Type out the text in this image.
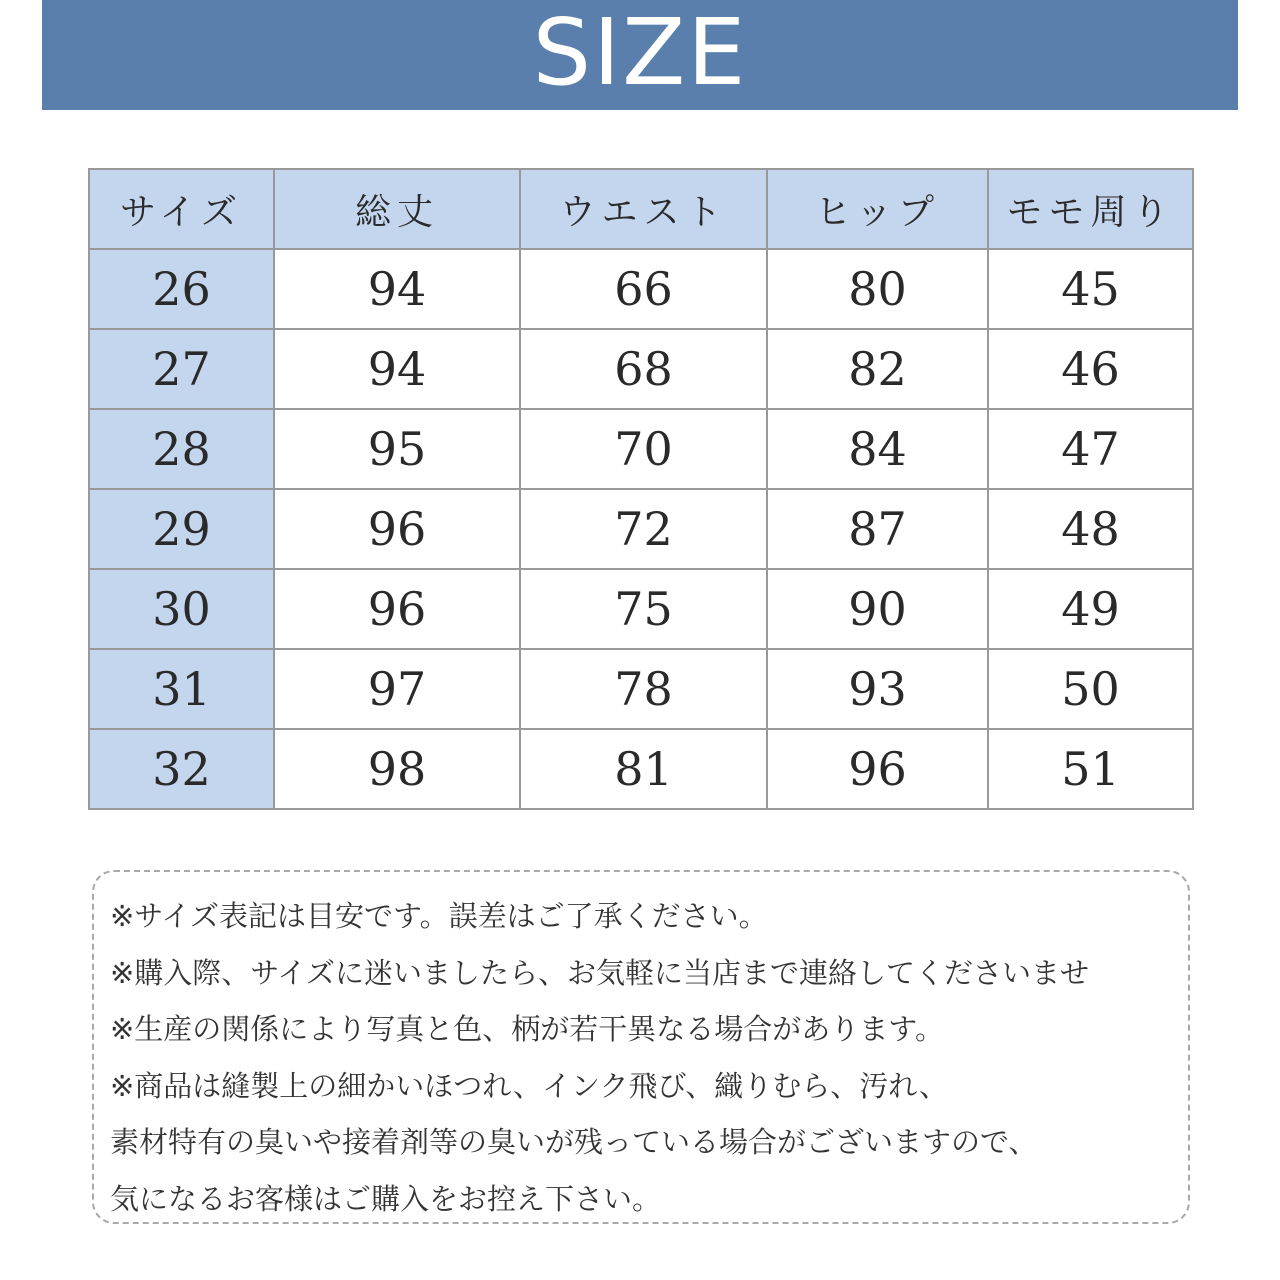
SIZE
サイズ	総丈	ウエスト	ヒップ	モモ周り
26	94	66	80	45
27	94	68	82	46
28	95	70	84	47
29	96	72	87	48
30	96	75	90	49
31	97	78	93	50
32	98	81	96	51
※サイズ表記は目安です。誤差はご了承ください。
※購入際、サイズに迷いましたら、お気軽に当店まで連絡してくださいませ
※生産の関係により写真と色、柄が若干異なる場合があります。
※商品は縫製上の細かいほつれ、インク飛び、織りむら、汚れ、
素材特有の臭いや接着剤等の臭いが残っている場合がございますので、
気になるお客様はご購入をお控え下さい。
